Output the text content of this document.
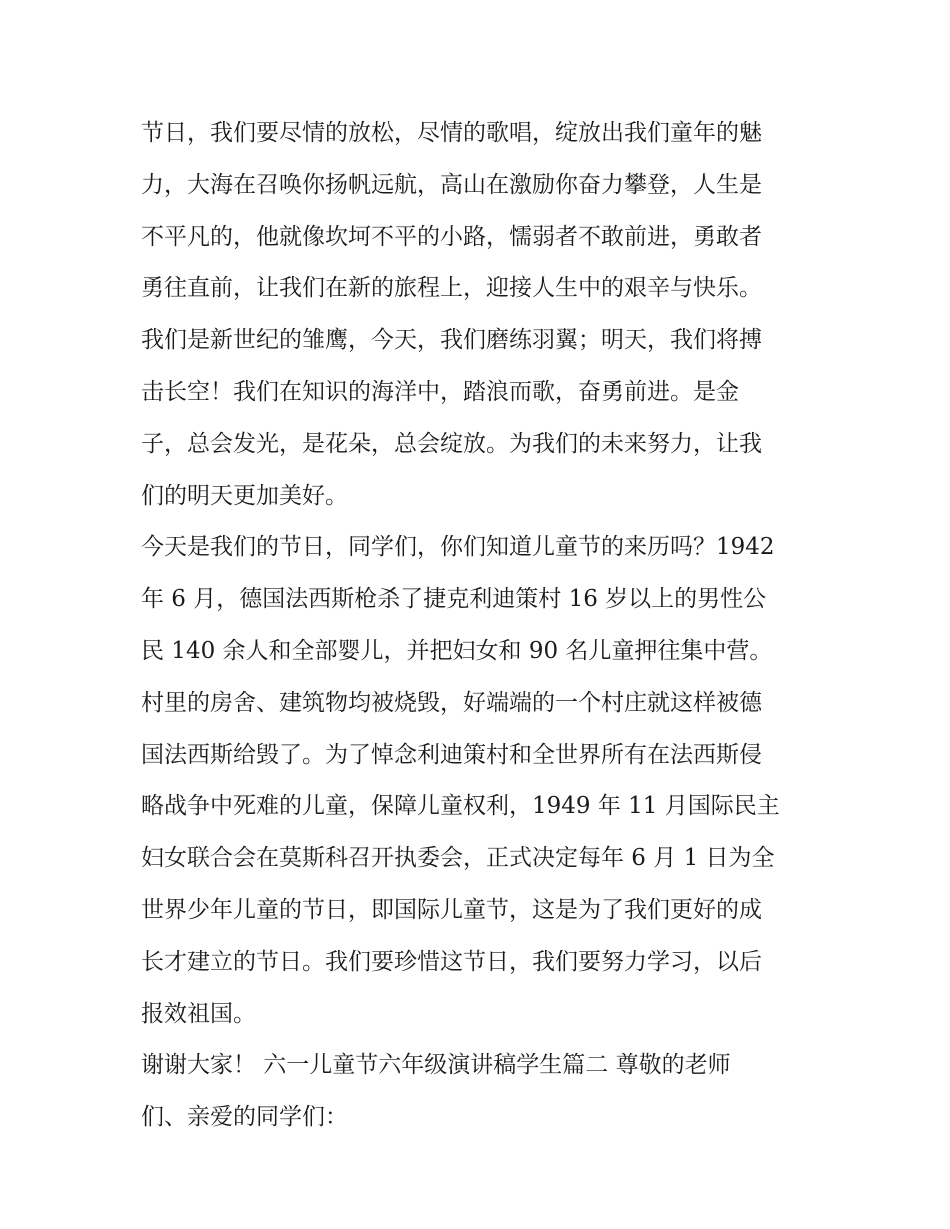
节日，我们要尽情的放松，尽情的歌唱，绽放出我们童年的魅
力，大海在召唤你扬帆远航，高山在激励你奋力攀登，人生是
不平凡的，他就像坎坷不平的小路，懦弱者不敢前进，勇敢者
勇往直前，让我们在新的旅程上，迎接人生中的艰辛与快乐。
我们是新世纪的雏鹰，今天，我们磨练羽翼；明天，我们将搏
击长空！我们在知识的海洋中，踏浪而歌，奋勇前进。是金
子，总会发光，是花朵，总会绽放。为我们的未来努力，让我
们的明天更加美好。
今天是我们的节日，同学们，你们知道儿童节的来历吗？1942
年 6 月，德国法西斯枪杀了捷克利迪策村 16 岁以上的男性公
民 140 余人和全部婴儿，并把妇女和 90 名儿童押往集中营。
村里的房舍、建筑物均被烧毁，好端端的一个村庄就这样被德
国法西斯给毁了。为了悼念利迪策村和全世界所有在法西斯侵
略战争中死难的儿童，保障儿童权利，1949 年 11 月国际民主
妇女联合会在莫斯科召开执委会，正式决定每年 6 月 1 日为全
世界少年儿童的节日，即国际儿童节，这是为了我们更好的成
长才建立的节日。我们要珍惜这节日，我们要努力学习，以后
报效祖国。
谢谢大家！ 六一儿童节六年级演讲稿学生篇二 尊敬的老师
们、亲爱的同学们：
